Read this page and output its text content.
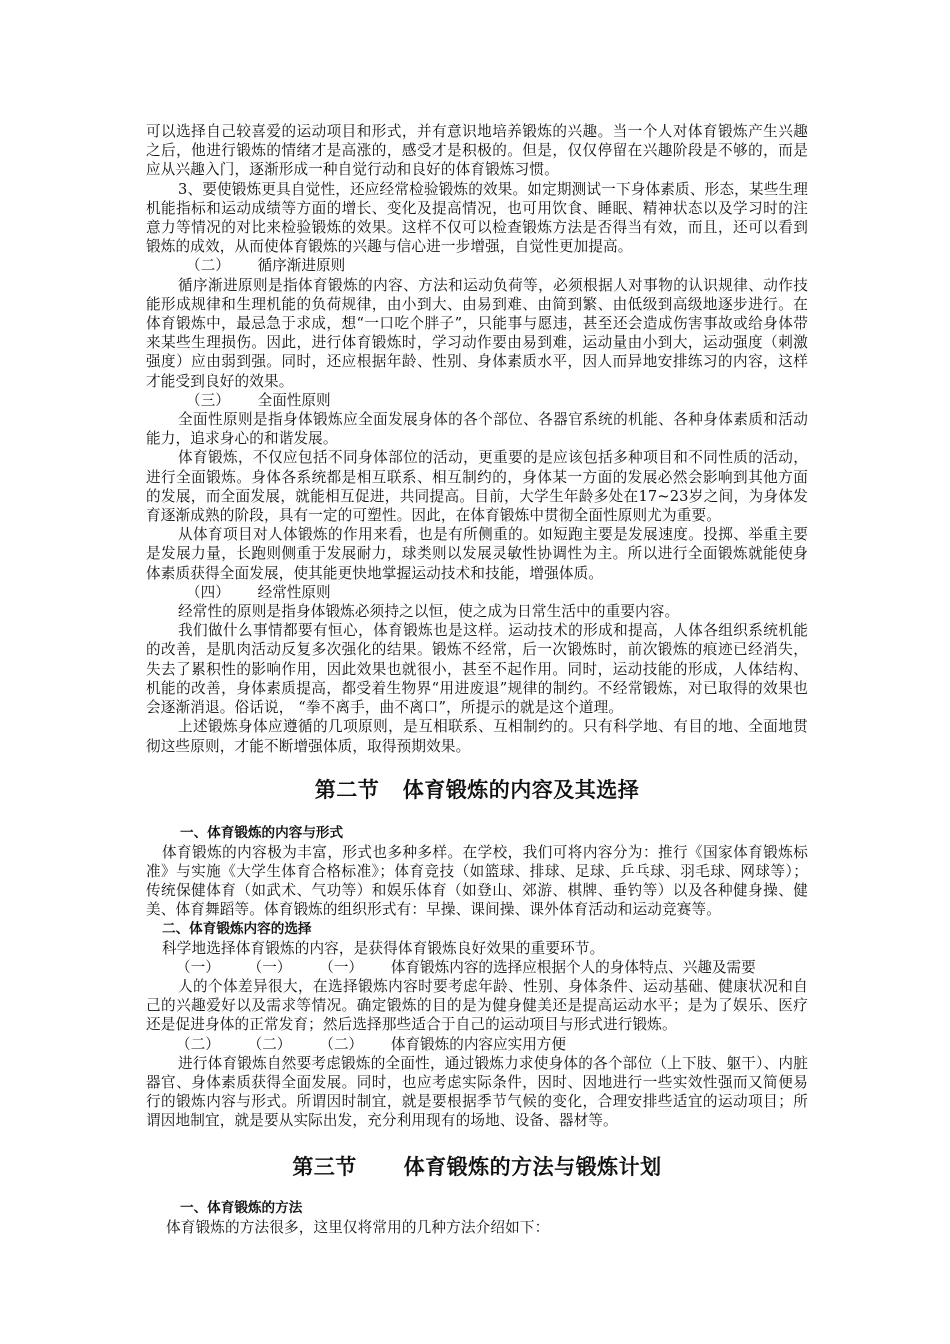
可以选择自己较喜爱的运动项目和形式，并有意识地培养锻炼的兴趣。当一个人对体育锻炼产生兴趣之后，他进行锻炼的情绪才是高涨的，感受才是积极的。但是，仅仅停留在兴趣阶段是不够的，而是应从兴趣入门，逐渐形成一种自觉行动和良好的体育锻炼习惯。

3、要使锻炼更具自觉性，还应经常检验锻炼的效果。如定期测试一下身体素质、形态，某些生理机能指标和运动成绩等方面的增长、变化及提高情况，也可用饮食、睡眠、精神状态以及学习时的注意力等情况的对比来检验锻炼的效果。这样不仅可以检查锻炼方法是否得当有效，而且，还可以看到锻炼的成效，从而使体育锻炼的兴趣与信心进一步增强，自觉性更加提高。

（二）      循序渐进原则

循序渐进原则是指体育锻炼的内容、方法和运动负荷等，必须根据人对事物的认识规律、动作技能形成规律和生理机能的负荷规律，由小到大、由易到难、由简到繁、由低级到高级地逐步进行。在体育锻炼中，最忌急于求成，想“一口吃个胖子”，只能事与愿违，甚至还会造成伤害事故或给身体带来某些生理损伤。因此，进行体育锻炼时，学习动作要由易到难，运动量由小到大，运动强度（刺激强度）应由弱到强。同时，还应根据年龄、性别、身体素质水平，因人而异地安排练习的内容，这样才能受到良好的效果。

（三）      全面性原则

全面性原则是指身体锻炼应全面发展身体的各个部位、各器官系统的机能、各种身体素质和活动能力，追求身心的和谐发展。

体育锻炼，不仅应包括不同身体部位的活动，更重要的是应该包括多种项目和不同性质的活动，进行全面锻炼。身体各系统都是相互联系、相互制约的，身体某一方面的发展必然会影响到其他方面的发展，而全面发展，就能相互促进，共同提高。目前，大学生年龄多处在17~23岁之间，为身体发育逐渐成熟的阶段，具有一定的可塑性。因此，在体育锻炼中贯彻全面性原则尤为重要。

从体育项目对人体锻炼的作用来看，也是有所侧重的。如短跑主要是发展速度。投掷、举重主要是发展力量，长跑则侧重于发展耐力，球类则以发展灵敏性协调性为主。所以进行全面锻炼就能使身体素质获得全面发展，使其能更快地掌握运动技术和技能，增强体质。

（四）      经常性原则

经常性的原则是指身体锻炼必须持之以恒，使之成为日常生活中的重要内容。

我们做什么事情都要有恒心，体育锻炼也是这样。运动技术的形成和提高，人体各组织系统机能的改善，是肌肉活动反复多次强化的结果。锻炼不经常，后一次锻炼时，前次锻炼的痕迹已经消失，失去了累积性的影响作用，因此效果也就很小，甚至不起作用。同时，运动技能的形成，人体结构、机能的改善，身体素质提高，都受着生物界“用进废退”规律的制约。不经常锻炼，对已取得的效果也会逐渐消退。俗话说， “拳不离手，曲不离口”，所提示的就是这个道理。

上述锻炼身体应遵循的几项原则，是互相联系、互相制约的。只有科学地、有目的地、全面地贯彻这些原则，才能不断增强体质，取得预期效果。

第二节   体育锻炼的内容及其选择
一、体育锻炼的内容与形式

体育锻炼的内容极为丰富，形式也多种多样。在学校，我们可将内容分为：推行《国家体育锻炼标准》与实施《大学生体育合格标准》；体育竞技（如篮球、排球、足球、乒乓球、羽毛球、网球等）；传统保健体育（如武术、气功等）和娱乐体育（如登山、郊游、棋牌、垂钓等）以及各种健身操、健美、体育舞蹈等。体育锻炼的组织形式有：早操、课间操、课外体育活动和运动竞赛等。

二、体育锻炼内容的选择

科学地选择体育锻炼的内容，是获得体育锻炼良好效果的重要环节。

（一）      （一）      （一）      体育锻炼内容的选择应根据个人的身体特点、兴趣及需要

人的个体差异很大，在选择锻炼内容时要考虑年龄、性别、身体条件、运动基础、健康状况和自己的兴趣爱好以及需求等情况。确定锻炼的目的是为健身健美还是提高运动水平；是为了娱乐、医疗还是促进身体的正常发育；然后选择那些适合于自己的运动项目与形式进行锻炼。

（二）      （二）      （二）      体育锻炼的内容应实用方便

进行体育锻炼自然要考虑锻炼的全面性，通过锻炼力求使身体的各个部位（上下肢、躯干）、内脏器官、身体素质获得全面发展。同时，也应考虑实际条件，因时、因地进行一些实效性强而又简便易行的锻炼内容与形式。所谓因时制宜，就是要根据季节气候的变化，合理安排些适宜的运动项目；所谓因地制宜，就是要从实际出发，充分利用现有的场地、设备、器材等。

第三节      体育锻炼的方法与锻炼计划
一、体育锻炼的方法

体育锻炼的方法很多，这里仅将常用的几种方法介绍如下：
